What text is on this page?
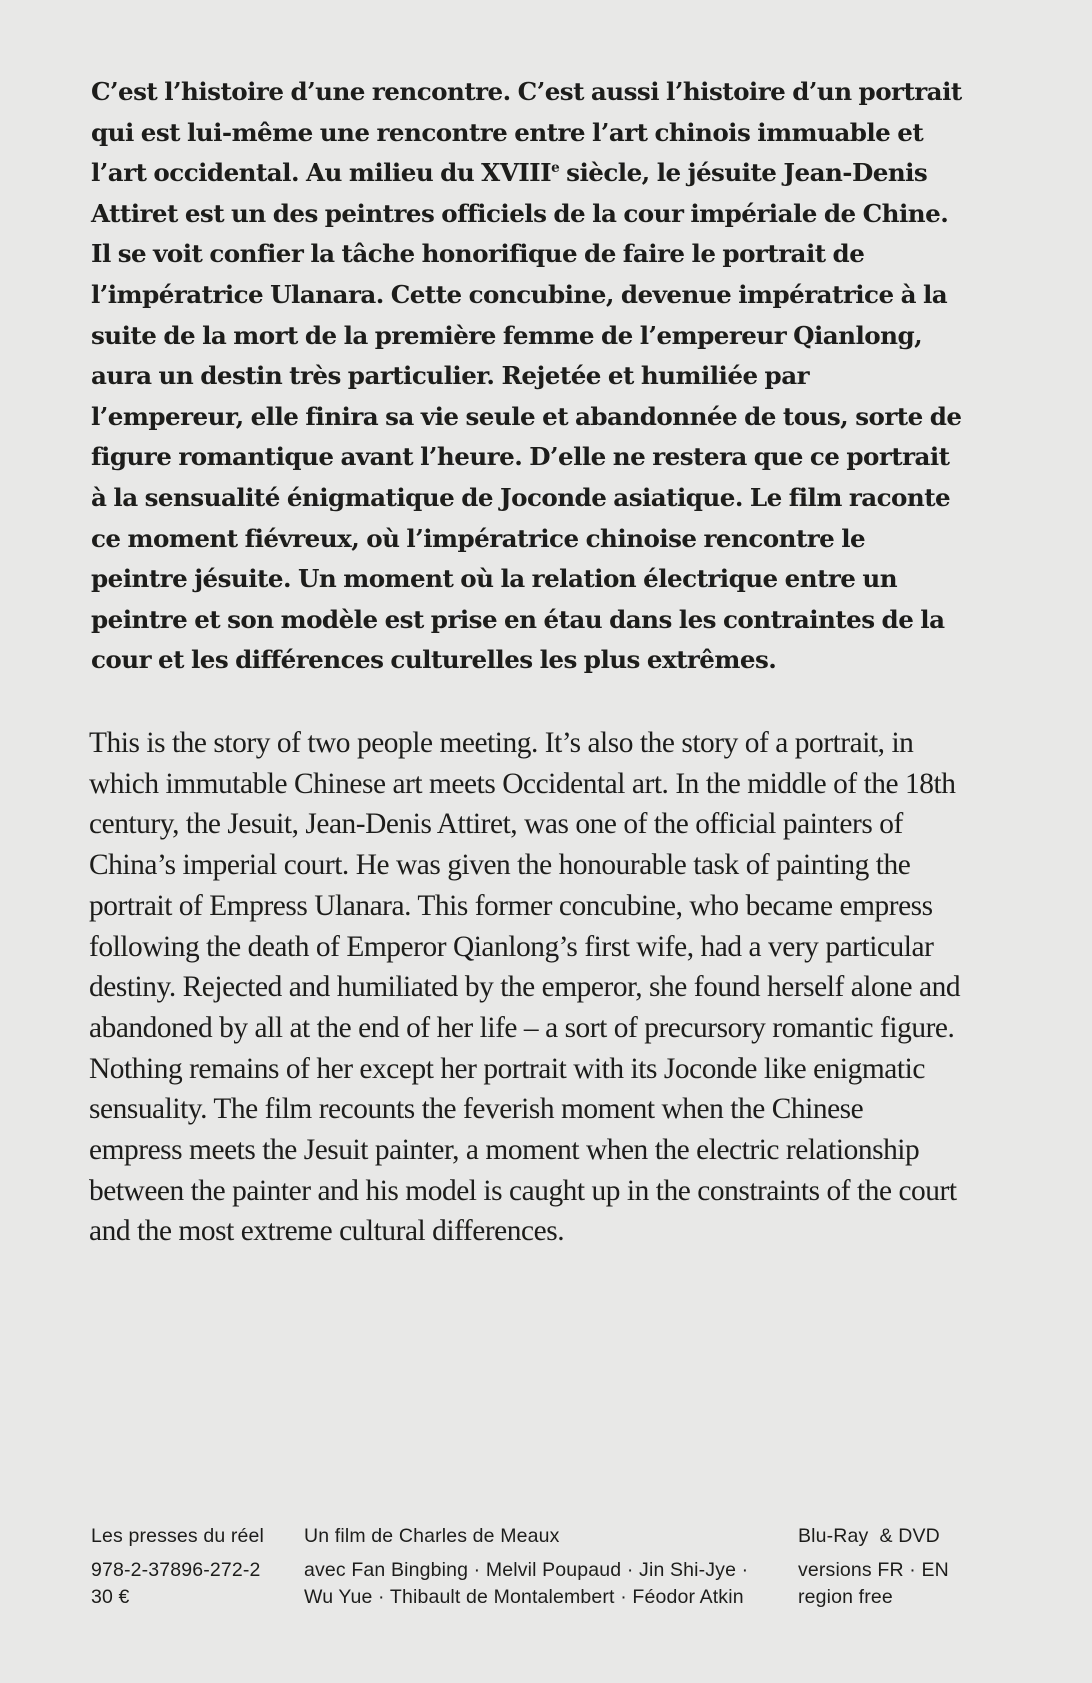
C’est l’histoire d’une rencontre. C’est aussi l’histoire d’un portrait qui est lui-même une rencontre entre l’art chinois immuable et l’art occidental. Au milieu du XVIIIe siècle, le jésuite Jean-Denis Attiret est un des peintres officiels de la cour impériale de Chine. Il se voit confier la tâche honorifique de faire le portrait de l’impératrice Ulanara. Cette concubine, devenue impératrice à la suite de la mort de la première femme de l’empereur Qianlong, aura un destin très particulier. Rejetée et humiliée par l’empereur, elle finira sa vie seule et abandonnée de tous, sorte de figure romantique avant l’heure. D’elle ne restera que ce portrait à la sensualité énigmatique de Joconde asiatique. Le film raconte ce moment fiévreux, où l’impératrice chinoise rencontre le peintre jésuite. Un moment où la relation électrique entre un peintre et son modèle est prise en étau dans les contraintes de la cour et les différences culturelles les plus extrêmes.

This is the story of two people meeting. It’s also the story of a portrait, in which immutable Chinese art meets Occidental art. In the middle of the 18th century, the Jesuit, Jean-Denis Attiret, was one of the official painters of China’s imperial court. He was given the honourable task of painting the portrait of Empress Ulanara. This former concubine, who became empress following the death of Emperor Qianlong’s first wife, had a very particular destiny. Rejected and humiliated by the emperor, she found herself alone and abandoned by all at the end of her life – a sort of precursory romantic figure. Nothing remains of her except her portrait with its Joconde like enigmatic sensuality. The film recounts the feverish moment when the Chinese empress meets the Jesuit painter, a moment when the electric relationship between the painter and his model is caught up in the constraints of the court and the most extreme cultural differences.

Les presses du réel
978-2-37896-272-2
30 €
Un film de Charles de Meaux
avec Fan Bingbing · Melvil Poupaud · Jin Shi-Jye ·
Wu Yue · Thibault de Montalembert · Féodor Atkin
Blu-Ray  & DVD
versions FR · EN
region free
